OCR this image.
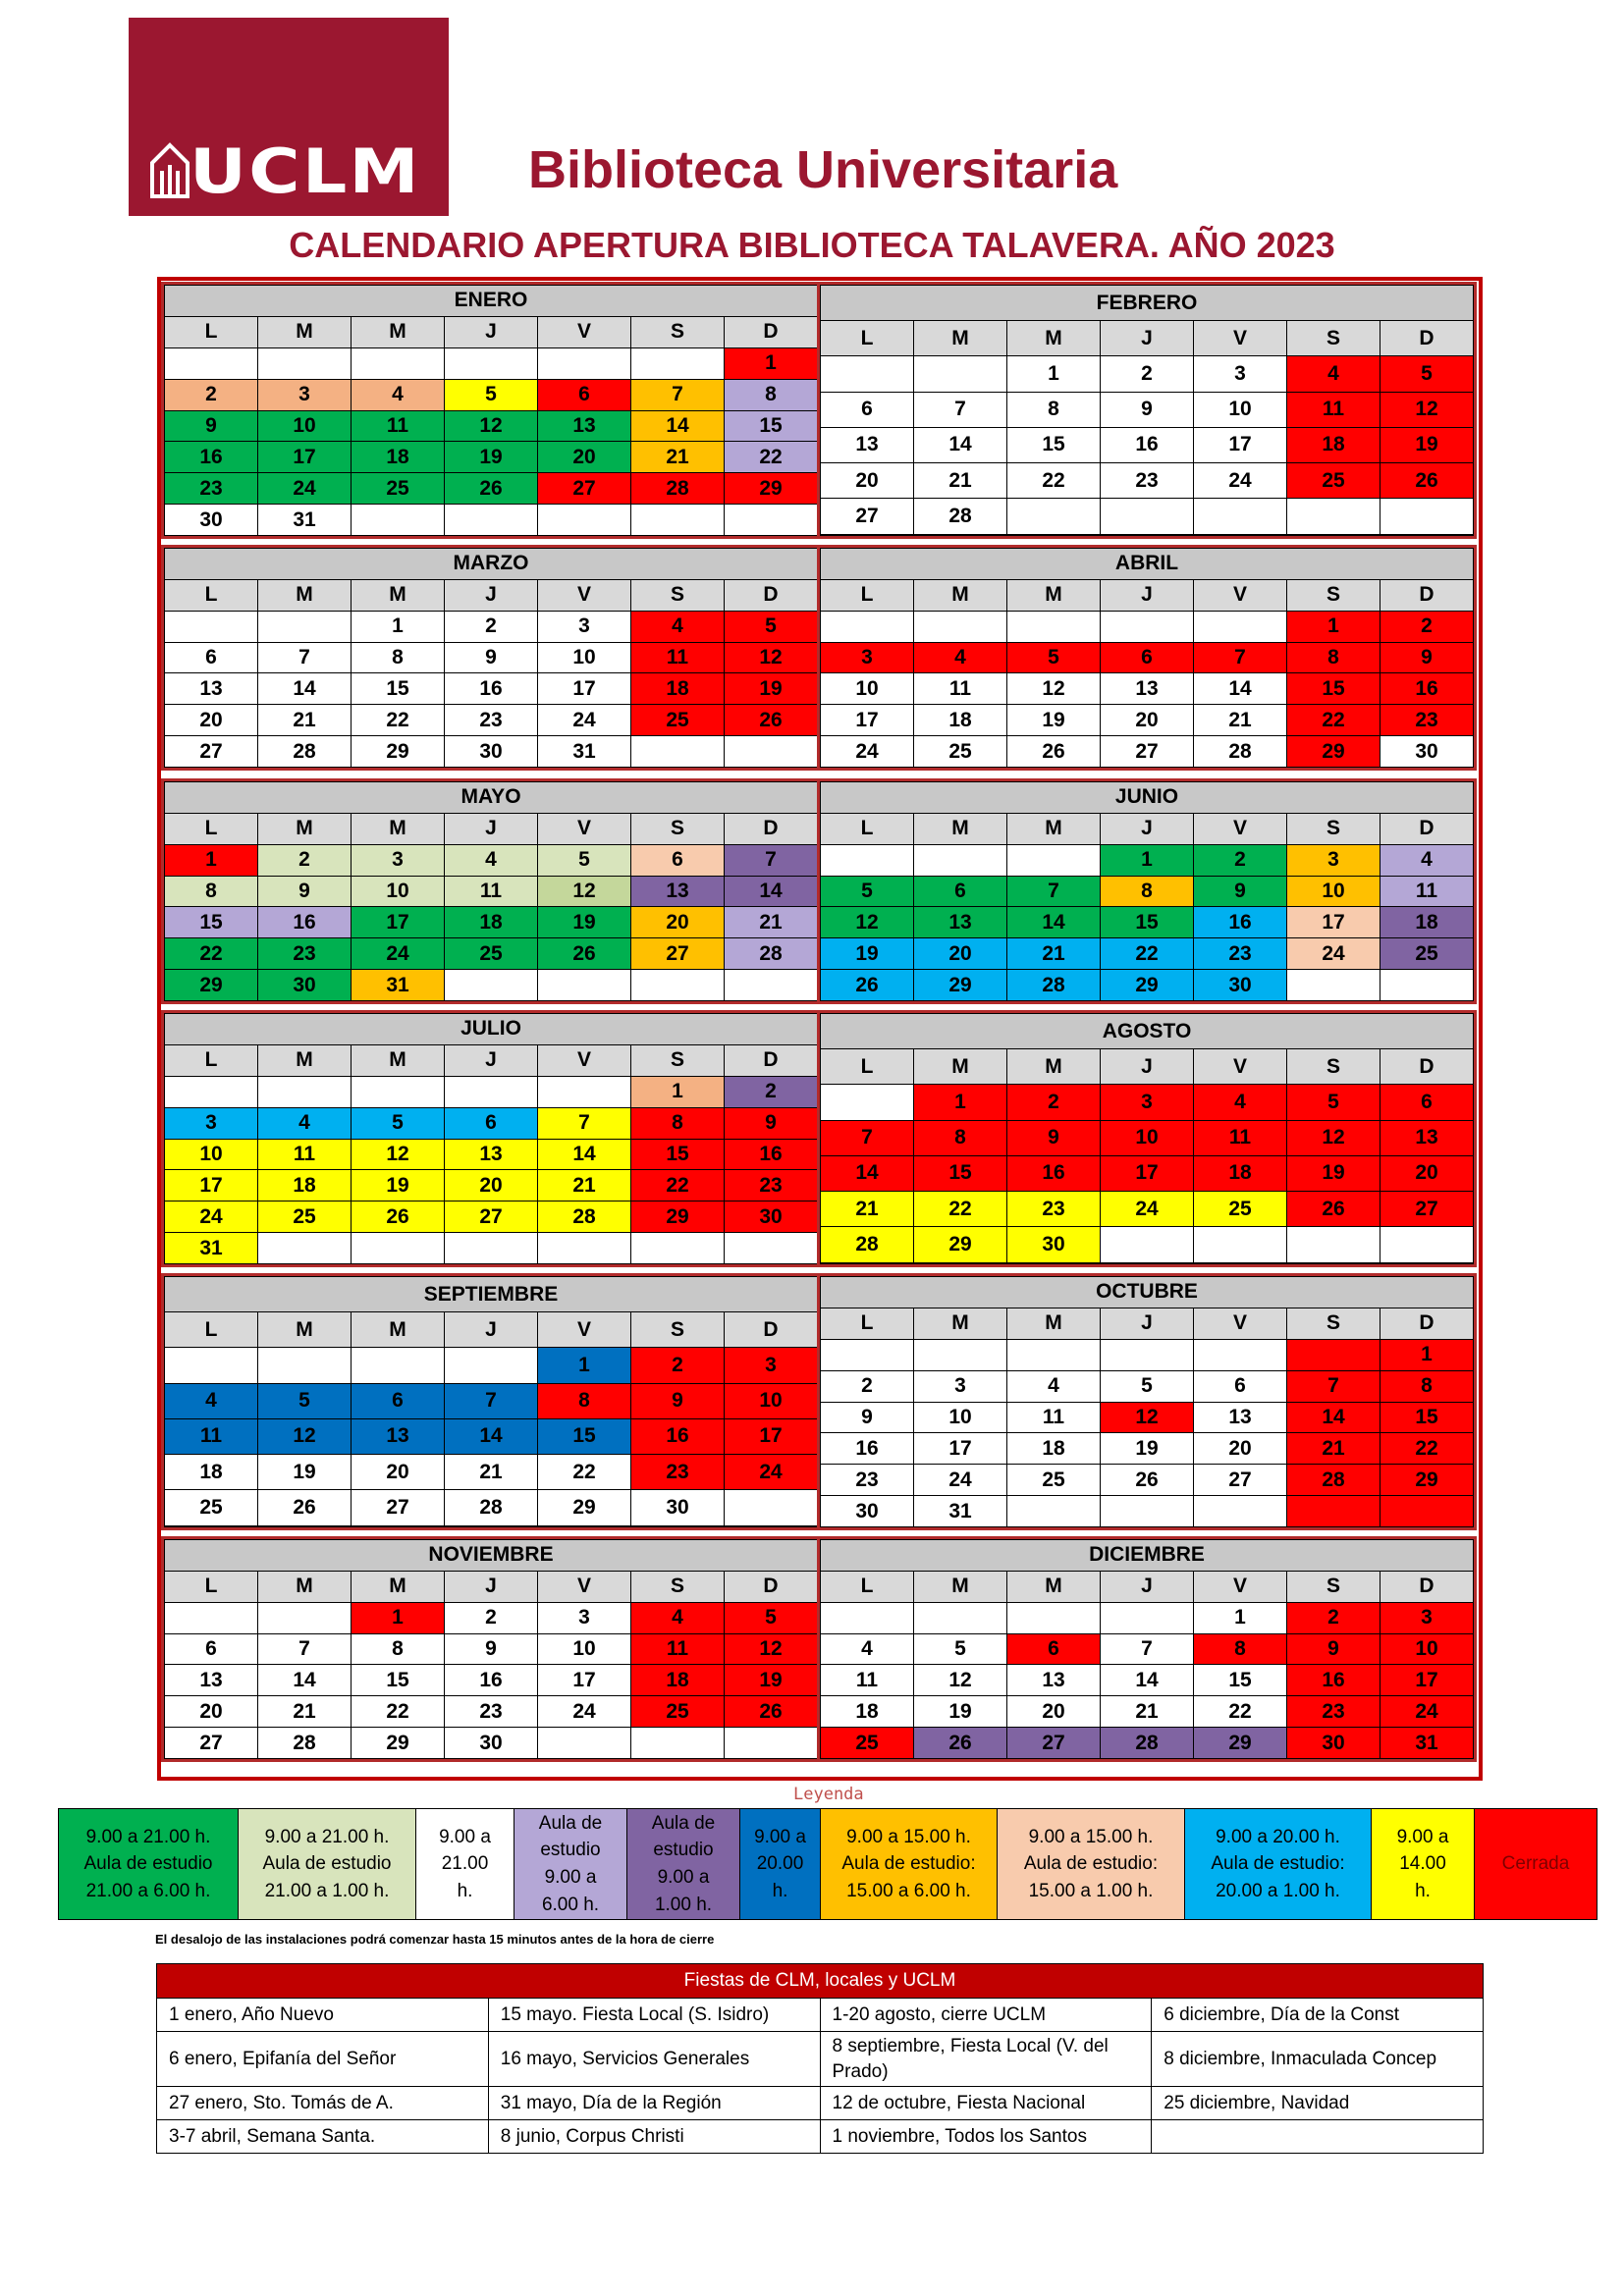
UCLM Biblioteca Universitaria
CALENDARIO APERTURA BIBLIOTECA TALAVERA. AÑO 2023
ENERO						
L	M	M	J	V	S	D
						1
2	3	4	5	6	7	8
9	10	11	12	13	14	15
16	17	18	19	20	21	22
23	24	25	26	27	28	29
30	31					
FEBRERO						
L	M	M	J	V	S	D
		1	2	3	4	5
6	7	8	9	10	11	12
13	14	15	16	17	18	19
20	21	22	23	24	25	26
27	28					

MARZO						
L	M	M	J	V	S	D
		1	2	3	4	5
6	7	8	9	10	11	12
13	14	15	16	17	18	19
20	21	22	23	24	25	26
27	28	29	30	31		
ABRIL						
L	M	M	J	V	S	D
					1	2
3	4	5	6	7	8	9
10	11	12	13	14	15	16
17	18	19	20	21	22	23
24	25	26	27	28	29	30
MAYO						
L	M	M	J	V	S	D
1	2	3	4	5	6	7
8	9	10	11	12	13	14
15	16	17	18	19	20	21
22	23	24	25	26	27	28
29	30	31				
JUNIO						
L	M	M	J	V	S	D
			1	2	3	4
5	6	7	8	9	10	11
12	13	14	15	16	17	18
19	20	21	22	23	24	25
26	29	28	29	30		
JULIO						
L	M	M	J	V	S	D
					1	2
3	4	5	6	7	8	9
10	11	12	13	14	15	16
17	18	19	20	21	22	23
24	25	26	27	28	29	30
31						
AGOSTO						
L	M	M	J	V	S	D
	1	2	3	4	5	6
7	8	9	10	11	12	13
14	15	16	17	18	19	20
21	22	23	24	25	26	27
28	29	30				

SEPTIEMBRE						
L	M	M	J	V	S	D
				1	2	3
4	5	6	7	8	9	10
11	12	13	14	15	16	17
18	19	20	21	22	23	24
25	26	27	28	29	30	

OCTUBRE						
L	M	M	J	V	S	D
						1
2	3	4	5	6	7	8
9	10	11	12	13	14	15
16	17	18	19	20	21	22
23	24	25	26	27	28	29
30	31					
NOVIEMBRE						
L	M	M	J	V	S	D
		1	2	3	4	5
6	7	8	9	10	11	12
13	14	15	16	17	18	19
20	21	22	23	24	25	26
27	28	29	30			
DICIEMBRE						
L	M	M	J	V	S	D
				1	2	3
4	5	6	7	8	9	10
11	12	13	14	15	16	17
18	19	20	21	22	23	24
25	26	27	28	29	30	31
Leyenda
9.00 a 21.00 h.
Aula de estudio
21.00 a 6.00 h.	9.00 a 21.00 h.
Aula de estudio
21.00 a 1.00 h.	9.00 a
21.00
h.	Aula de
estudio
9.00 a
6.00 h.	Aula de
estudio
9.00 a
1.00 h.	9.00 a
20.00
h.	9.00 a 15.00 h.
Aula de estudio:
15.00 a 6.00 h.	9.00 a 15.00 h.
Aula de estudio:
15.00 a 1.00 h.	9.00 a 20.00 h.
Aula de estudio:
20.00 a 1.00 h.	9.00 a
14.00
h.	Cerrada
El desalojo de las instalaciones podrá comenzar hasta 15 minutos antes de la hora de cierre
Fiestas de CLM, locales y UCLM			
1 enero, Año Nuevo	15 mayo. Fiesta Local (S. Isidro)	1-20 agosto, cierre UCLM	6 diciembre, Día de la Const
6 enero, Epifanía del Señor	16 mayo, Servicios Generales	8 septiembre, Fiesta Local (V. del Prado)	8 diciembre, Inmaculada Concep
27 enero, Sto. Tomás de A.	31 mayo, Día de la Región	12 de octubre, Fiesta Nacional	25 diciembre, Navidad
3-7 abril, Semana Santa.	8 junio, Corpus Christi	1 noviembre, Todos los Santos	
